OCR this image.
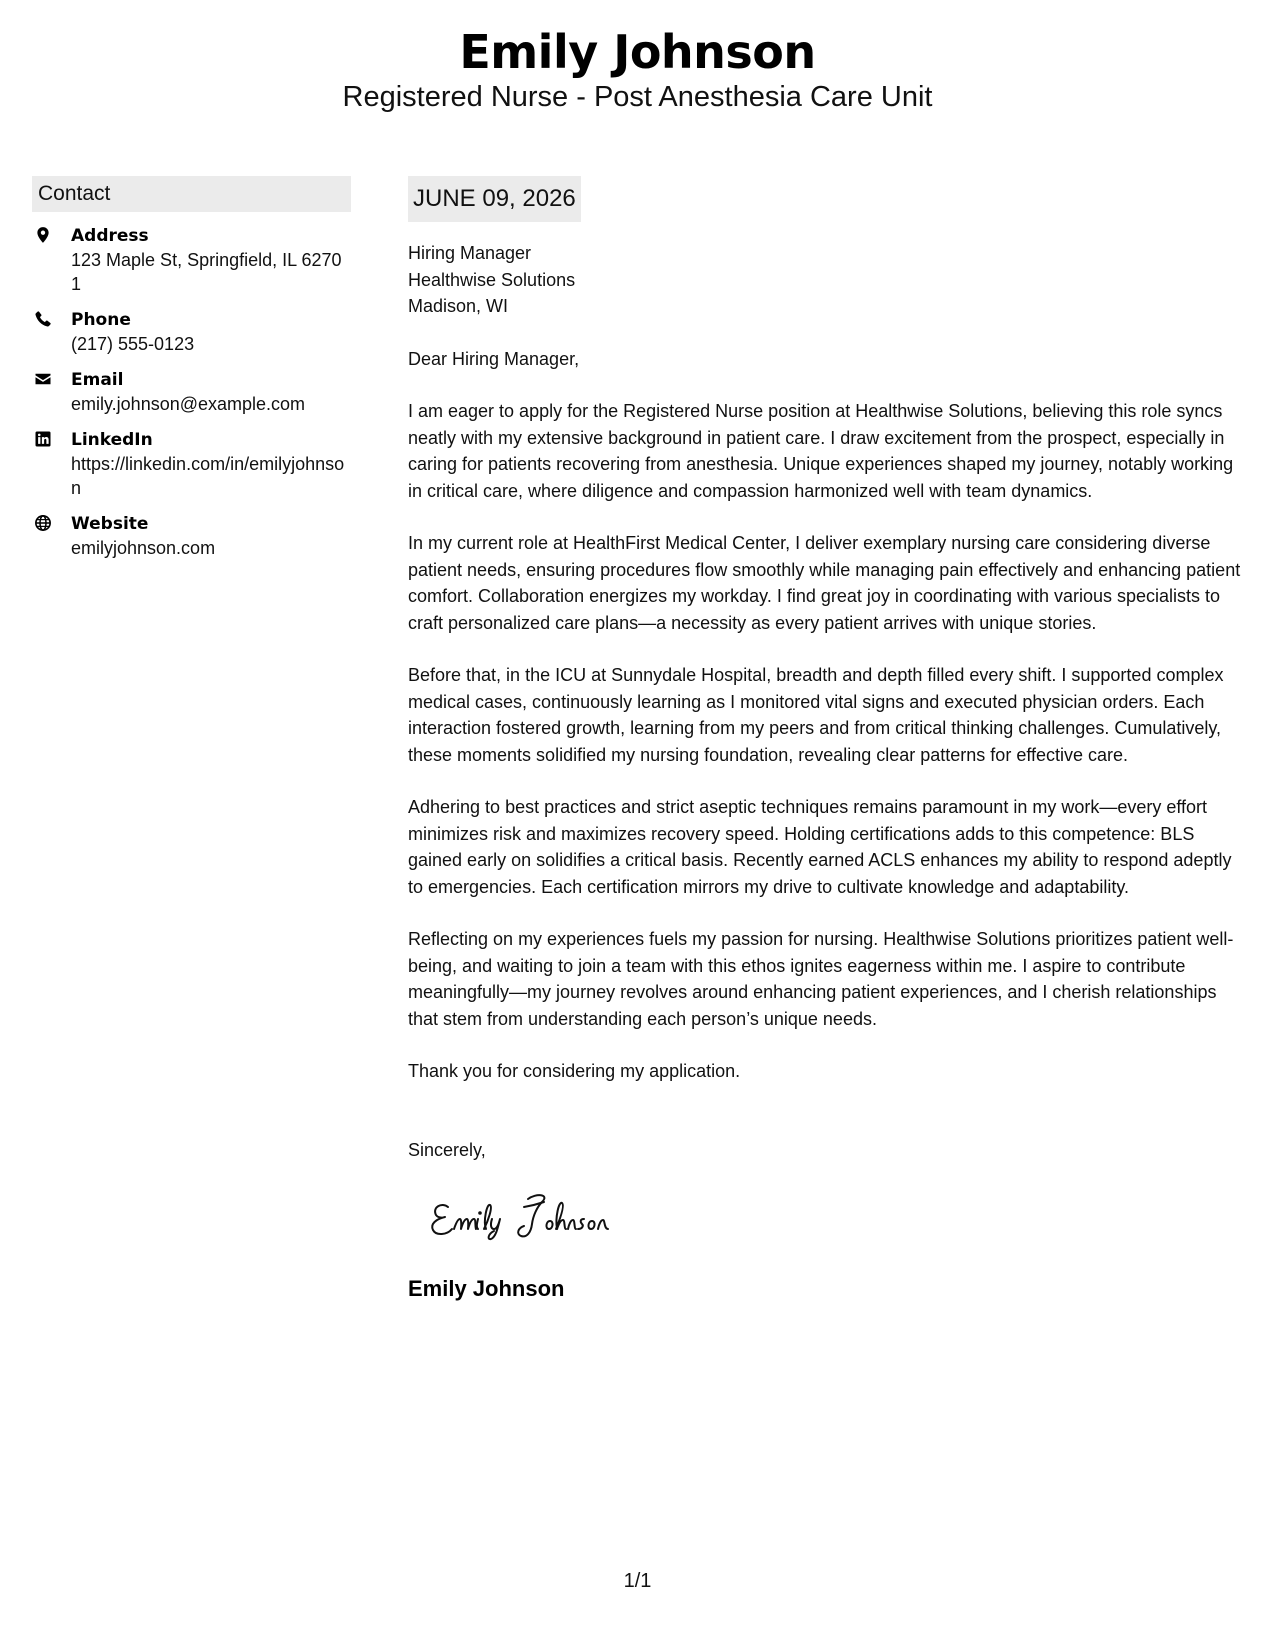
Emily Johnson
Registered Nurse - Post Anesthesia Care Unit
Contact
Address
123 Maple St, Springfield, IL 62701
Phone
(217) 555-0123
Email
emily.johnson@example.com
LinkedIn
https://linkedin.com/in/emilyjohnson
Website
emilyjohnson.com
JUNE 09, 2026
Hiring Manager
Healthwise Solutions
Madison, WI
Dear Hiring Manager,
I am eager to apply for the Registered Nurse position at Healthwise Solutions, believing this role syncs neatly with my extensive background in patient care. I draw excitement from the prospect, especially in caring for patients recovering from anesthesia. Unique experiences shaped my journey, notably working in critical care, where diligence and compassion harmonized well with team dynamics.
In my current role at HealthFirst Medical Center, I deliver exemplary nursing care considering diverse patient needs, ensuring procedures flow smoothly while managing pain effectively and enhancing patient comfort. Collaboration energizes my workday. I find great joy in coordinating with various specialists to craft personalized care plans—a necessity as every patient arrives with unique stories.
Before that, in the ICU at Sunnydale Hospital, breadth and depth filled every shift. I supported complex medical cases, continuously learning as I monitored vital signs and executed physician orders. Each interaction fostered growth, learning from my peers and from critical thinking challenges. Cumulatively, these moments solidified my nursing foundation, revealing clear patterns for effective care.
Adhering to best practices and strict aseptic techniques remains paramount in my work—every effort minimizes risk and maximizes recovery speed. Holding certifications adds to this competence: BLS gained early on solidifies a critical basis. Recently earned ACLS enhances my ability to respond adeptly to emergencies. Each certification mirrors my drive to cultivate knowledge and adaptability.
Reflecting on my experiences fuels my passion for nursing. Healthwise Solutions prioritizes patient well-being, and waiting to join a team with this ethos ignites eagerness within me. I aspire to contribute meaningfully—my journey revolves around enhancing patient experiences, and I cherish relationships that stem from understanding each person’s unique needs.
Thank you for considering my application.
Sincerely,
Emily Johnson
1/1
